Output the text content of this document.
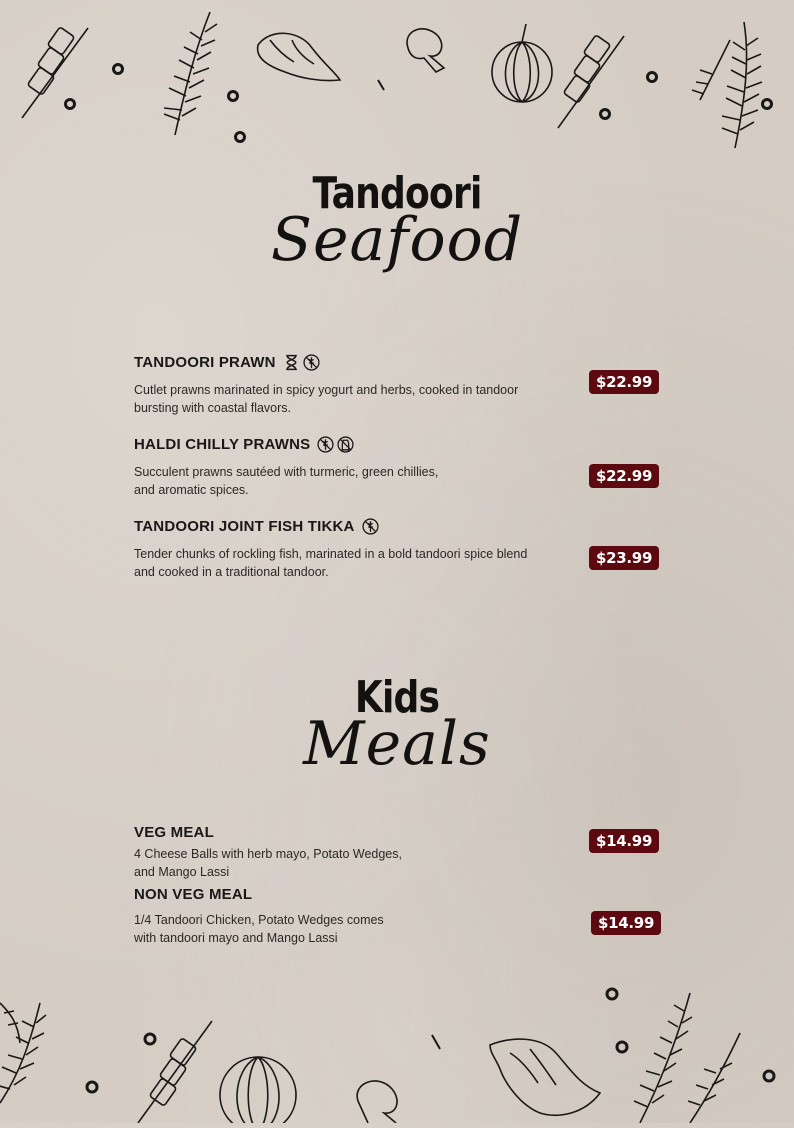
Tandoori
Seafood
TANDOORI PRAWN
Cutlet prawns marinated in spicy yogurt and herbs, cooked in tandoor
bursting with coastal flavors.
$22.99
HALDI CHILLY PRAWNS
Succulent prawns sautéed with turmeric, green chillies,
and aromatic spices.
$22.99
TANDOORI JOINT FISH TIKKA
Tender chunks of rockling fish, marinated in a bold tandoori spice blend
and cooked in a traditional tandoor.
$23.99
Kids
Meals
VEG MEAL
4 Cheese Balls with herb mayo, Potato Wedges,
and Mango Lassi
$14.99
NON VEG MEAL
1/4 Tandoori Chicken, Potato Wedges comes
with tandoori mayo and Mango Lassi
$14.99
